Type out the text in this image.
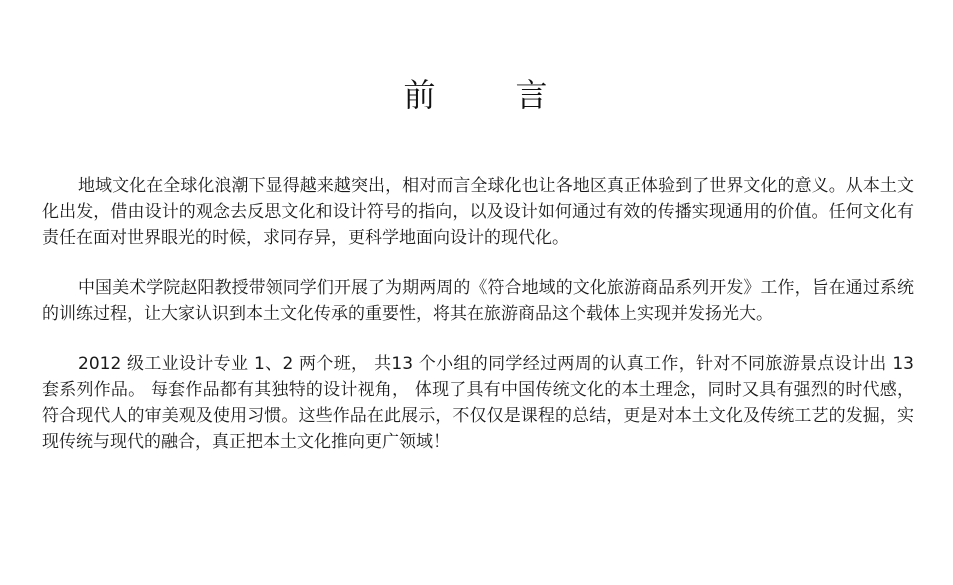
前 言

地域文化在全球化浪潮下显得越来越突出，相对而言全球化也让各地区真正体验到了世界文化的意义。从本土文化出发，借由设计的观念去反思文化和设计符号的指向，以及设计如何通过有效的传播实现通用的价值。任何文化有责任在面对世界眼光的时候，求同存异，更科学地面向设计的现代化。

中国美术学院赵阳教授带领同学们开展了为期两周的《符合地域的文化旅游商品系列开发》工作，旨在通过系统的训练过程，让大家认识到本土文化传承的重要性，将其在旅游商品这个载体上实现并发扬光大。

2012 级工业设计专业 1、2 两个班， 共13 个小组的同学经过两周的认真工作，针对不同旅游景点设计出 13 套系列作品。 每套作品都有其独特的设计视角， 体现了具有中国传统文化的本土理念，同时又具有强烈的时代感，符合现代人的审美观及使用习惯。这些作品在此展示，不仅仅是课程的总结，更是对本土文化及传统工艺的发掘，实现传统与现代的融合，真正把本土文化推向更广领域！
